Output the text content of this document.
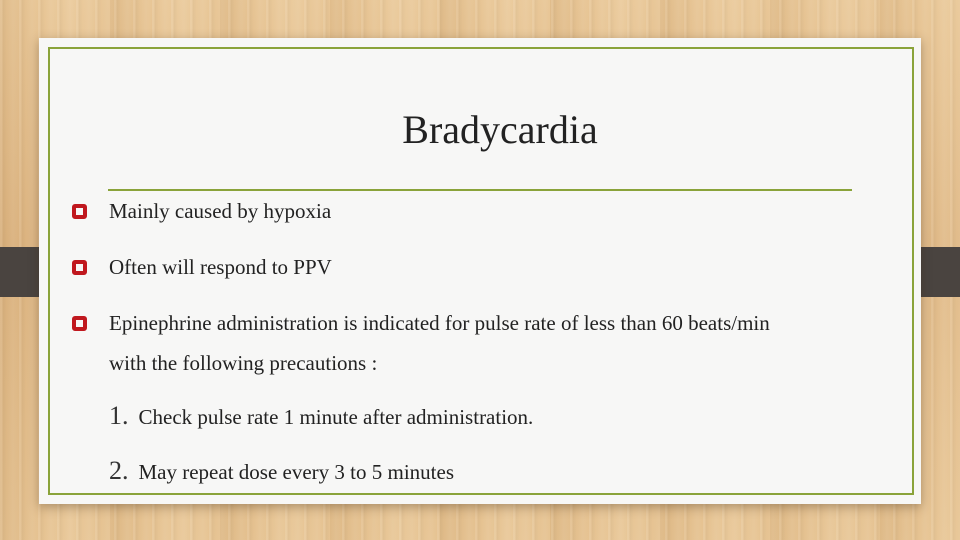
Bradycardia
Mainly caused by hypoxia
Often will respond to PPV
Epinephrine administration is indicated for pulse rate of less than 60 beats/min
with the following precautions :
1. Check pulse rate 1 minute after administration.
2. May repeat dose every 3 to 5 minutes
